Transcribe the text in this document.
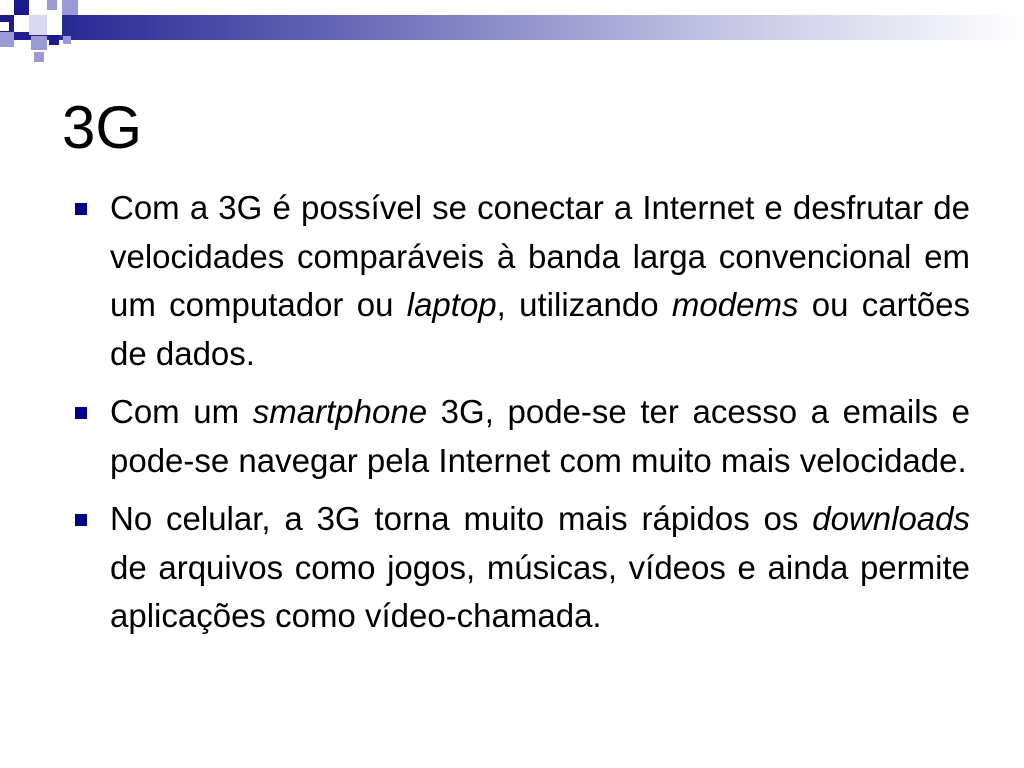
3G
Com a 3G é possível se conectar a Internet e desfrutar de velocidades comparáveis à banda larga convencional em um computador ou laptop, utilizando modems ou cartões de dados.
Com um smartphone 3G, pode-se ter acesso a emails e pode-se navegar pela Internet com muito mais velocidade.
No celular, a 3G torna muito mais rápidos os downloads de arquivos como jogos, músicas, vídeos e ainda permite aplicações como vídeo-chamada.
